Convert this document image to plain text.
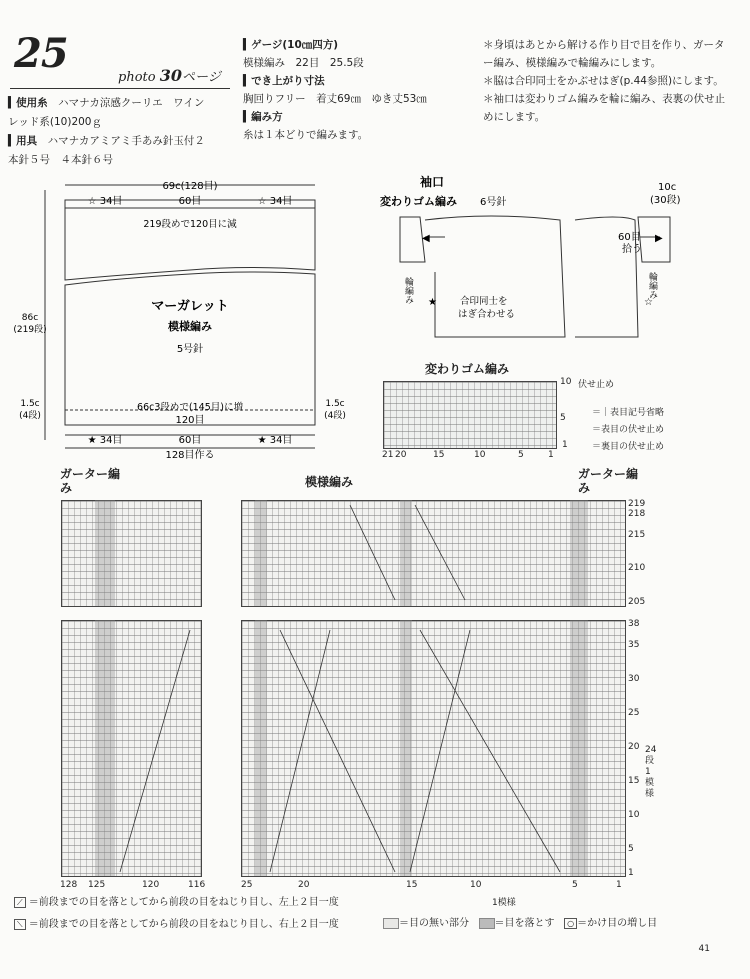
25
photo 30ページ
▍使用糸　 ハマナカ涼感クーリエ　ワイン
レッド系(10)200ｇ
▍用具　 ハマナカアミアミ手あみ針玉付２
本針５号　４本針６号
▍ゲージ(10㎝四方)
模様編み　22目　25.5段
▍でき上がり寸法
胸回りフリー　着丈69㎝　ゆき丈53㎝
▍編み方
糸は１本どりで編みます。
＊身頃はあとから解ける作り目で目を作り、ガーター編み、模様編みで輪編みにします。
＊脇は合印同士をかぶせはぎ(p.44参照)にします。
＊袖口は変わりゴム編みを輪に編み、表裏の伏せ止めにします。
69c(128目)
☆ 34目	60目	☆ 34目
219段めで120目に減
86c
(219段)
マーガレット
模様編み
5号針
66c3段めで(145目)に増
1.5c
(4段)
1.5c
(4段)
120目
★ 34目	60目	★ 34目
128目作る
袖口
変わりゴム編み 6号針
10c
(30段)
◀	▶
60目
拾う
輪編み	輪編み
★	☆
合印同士を
はぎ合わせる
変わりゴム編み
10
5
1
伏せ止め
21 20	15	10	5	1
＝｜表目記号省略
＝表目の伏せ止め
＝裏目の伏せ止め
ガーター編み	模様編み
ガーター編み
219
218
215
210
205
38
35
30
25
20
15
10
5
1
24段1模様
128 125	120	116	25	20	15	10	5	1
1模様
⟋ ＝前段までの目を落としてから前段の目をねじり目し、左上２目一度
⟍ ＝前段までの目を落としてから前段の目をねじり目し、右上２目一度	＝目の無い部分	＝目を落とす ○ ＝かけ目の増し目
41
